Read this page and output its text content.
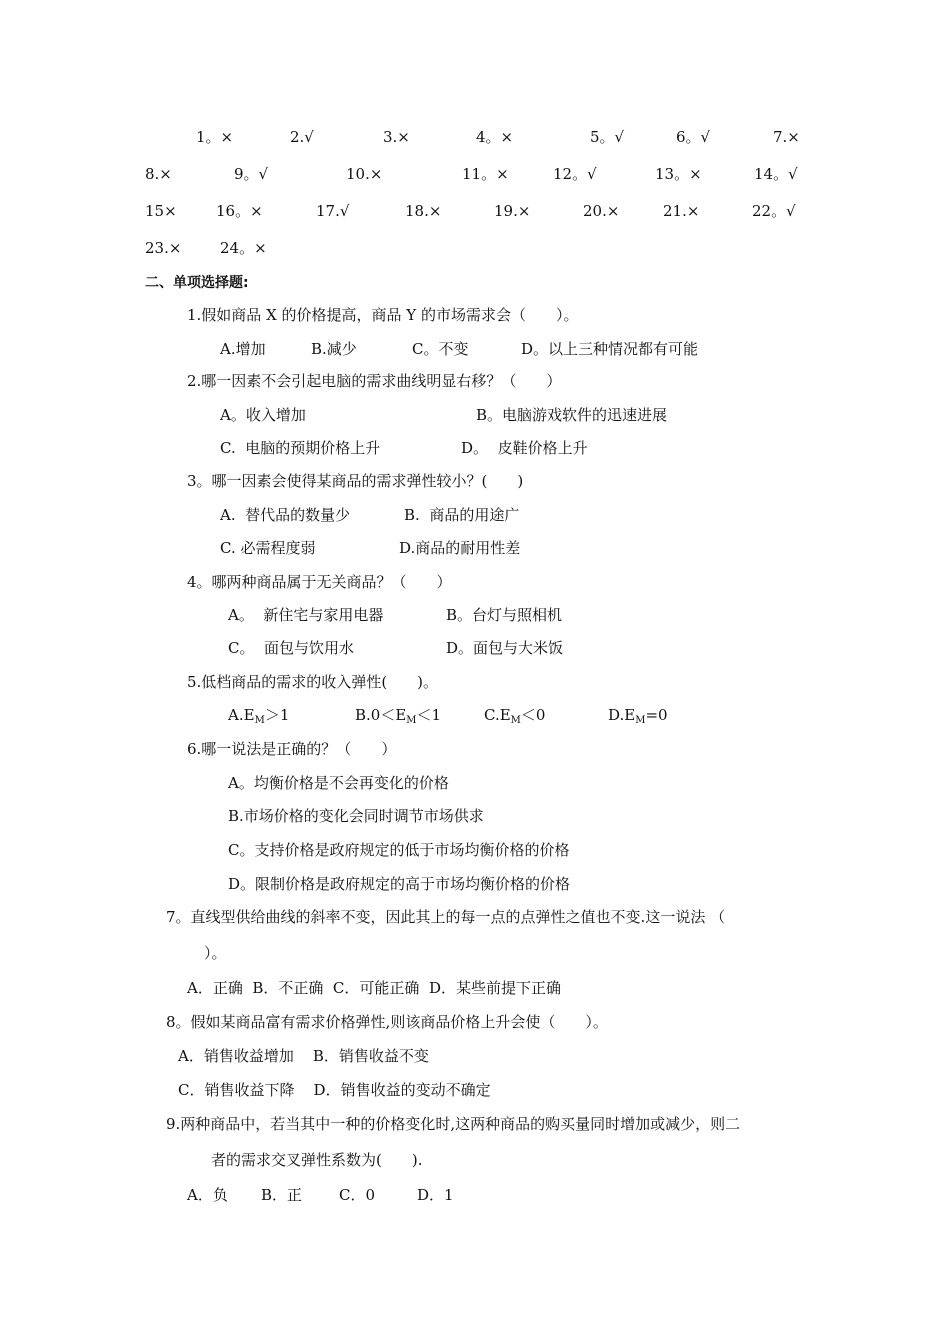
1。×	2.√	3.×	4。×	5。√	6。√	7.×
8.×	9。√	10.×	11。×	12。√	13。×	14。√
15×	16。×	17.√	18.×	19.×	20.×	21.×	22。√
23.×	24。×
二、单项选择题:
1.假如商品 X 的价格提高，商品 Y 的市场需求会（　　）。
A.增加	B.减少	C。不变	D。以上三种情况都有可能
2.哪一因素不会引起电脑的需求曲线明显右移？（　　）
A。收入增加	B。电脑游戏软件的迅速进展
C.  电脑的预期价格上升	D。  皮鞋价格上升
3。哪一因素会使得某商品的需求弹性较小？(　　)
A.  替代品的数量少	B.  商品的用途广
C. 必需程度弱	D.商品的耐用性差
4。哪两种商品属于无关商品？（　　）
A。  新住宅与家用电器	B。台灯与照相机
C。  面包与饮用水	D。面包与大米饭
5.低档商品的需求的收入弹性(　　)。
$A.E_M>1$	$B.0<E_M<1$	$C.E_M<0$	$D.E_M=0$
6.哪一说法是正确的？（　　）
A。均衡价格是不会再变化的价格
B.市场价格的变化会同时调节市场供求
C。支持价格是政府规定的低于市场均衡价格的价格
D。限制价格是政府规定的高于市场均衡价格的价格
7。直线型供给曲线的斜率不变，因此其上的每一点的点弹性之值也不变.这一说法 （
）。
A．正确  B．不正确  C．可能正确  D．某些前提下正确
8。假如某商品富有需求价格弹性,则该商品价格上升会使（　　）。
A．销售收益增加    B．销售收益不变
C．销售收益下降    D．销售收益的变动不确定
9.两种商品中，若当其中一种的价格变化时,这两种商品的购买量同时增加或减少，则二
者的需求交叉弹性系数为(　　).
A．负 B．正 C．0	D．1
